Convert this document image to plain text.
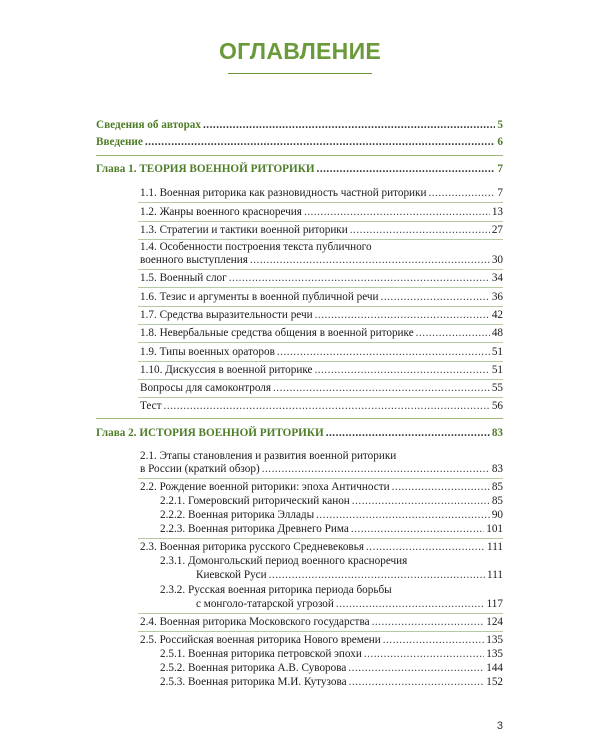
ОГЛАВЛЕНИЕ
Сведения об авторах .....	5
Введение .....	6
Глава 1. ТЕОРИЯ ВОЕННОЙ РИТОРИКИ .....	7
1.1. Военная риторика как разновидность частной риторики .....	7
1.2. Жанры военного красноречия .....	13
1.3. Стратегии и тактики военной риторики .....	27
1.4. Особенности построения текста публичного
военного выступления .....	30
1.5. Военный слог .....	34
1.6. Тезис и аргументы в военной публичной речи .....	36
1.7. Средства выразительности речи .....	42
1.8. Невербальные средства общения в военной риторике .....	48
1.9. Типы военных ораторов .....	51
1.10. Дискуссия в военной риторике .....	51
Вопросы для самоконтроля .....	55
Тест .....	56
Глава 2. ИСТОРИЯ ВОЕННОЙ РИТОРИКИ .....	83
2.1. Этапы становления и развития военной риторики
в России (краткий обзор) .....	83
2.2. Рождение военной риторики: эпоха Античности .....	85
2.2.1. Гомеровский риторический канон .....	85
2.2.2. Военная риторика Эллады .....	90
2.2.3. Военная риторика Древнего Рима .....	101
2.3. Военная риторика русского Средневековья .....	111
2.3.1. Домонгольский период военного красноречия
Киевской Руси .....	111
2.3.2. Русская военная риторика периода борьбы
с монголо-татарской угрозой .....	117
2.4. Военная риторика Московского государства .....	124
2.5. Российская военная риторика Нового времени .....	135
2.5.1. Военная риторика петровской эпохи .....	135
2.5.2. Военная риторика А.В. Суворова .....	144
2.5.3. Военная риторика М.И. Кутузова .....	152
3
